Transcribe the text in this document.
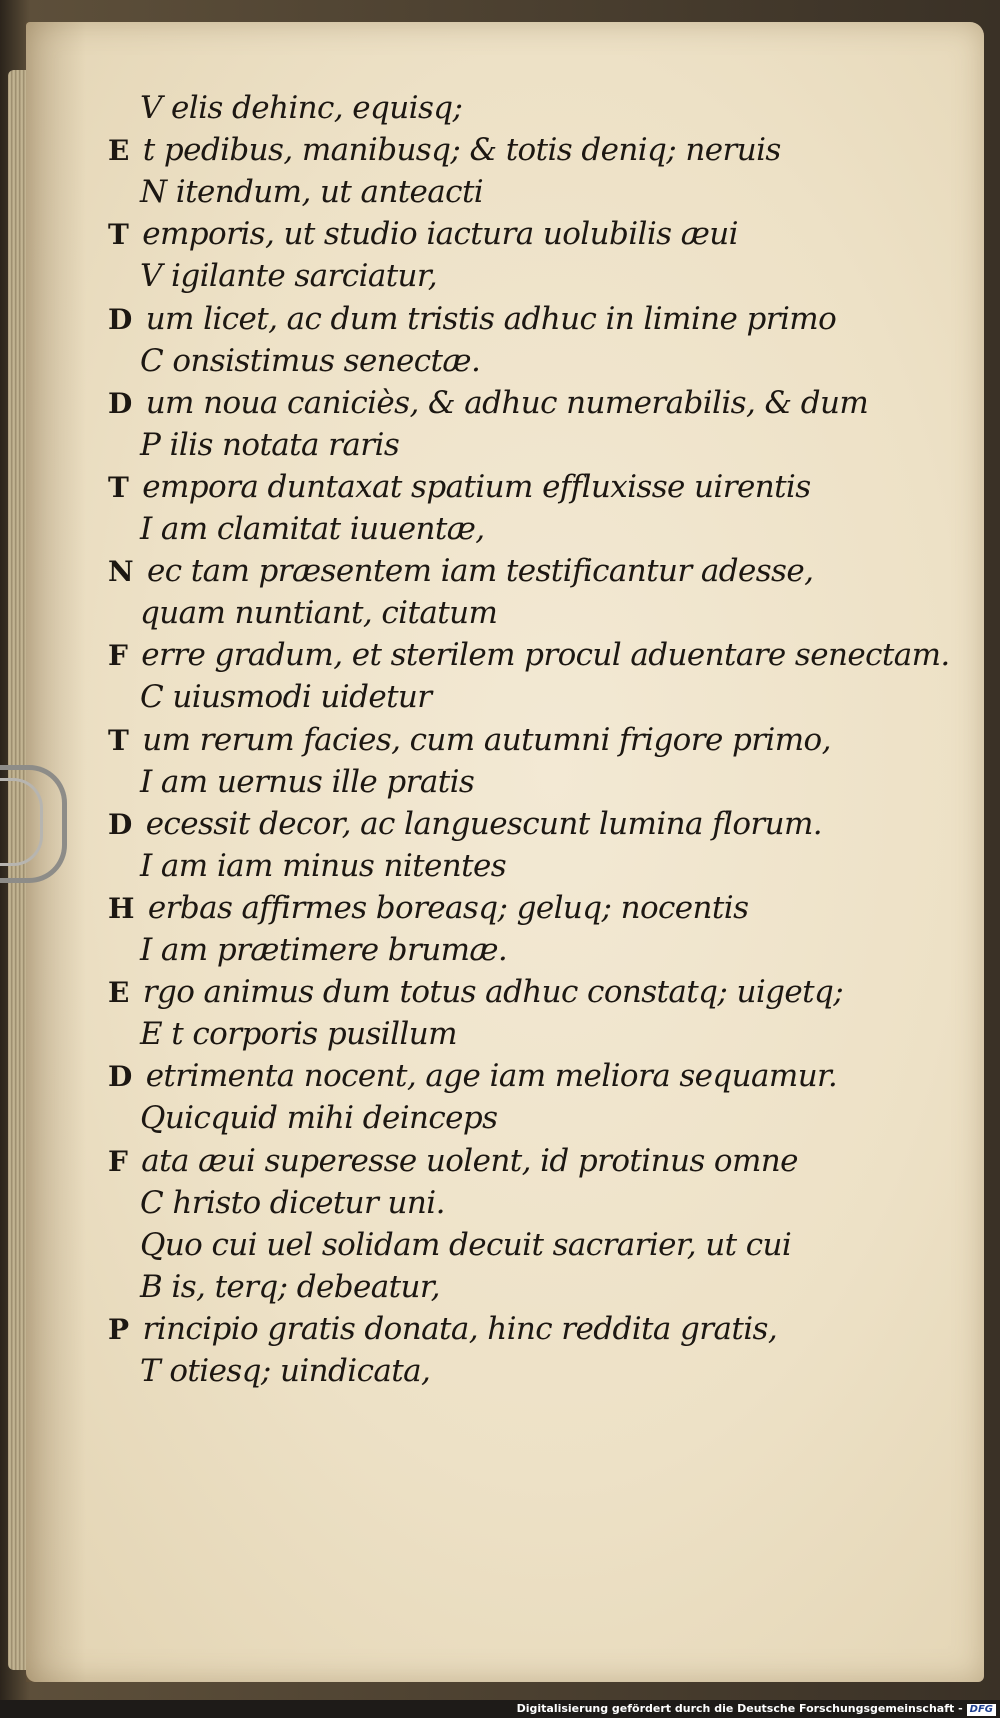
V elis dehinc, equisq;
E t pedibus, manibusq; & totis deniq; neruis
N itendum, ut anteacti
T emporis, ut studio iactura uolubilis æui
V igilante sarciatur,
D um licet, ac dum tristis adhuc in limine primo
C onsistimus senectæ.
D um noua caniciès, & adhuc numerabilis, & dum
P ilis notata raris
T empora duntaxat spatium effluxisse uirentis
I am clamitat iuuentæ,
N ec tam præsentem iam testificantur adesse,
quam nuntiant, citatum
F erre gradum, et sterilem procul aduentare senectam.
C uiusmodi uidetur
T um rerum facies, cum autumni frigore primo,
I am uernus ille pratis
D ecessit decor, ac languescunt lumina florum.
I am iam minus nitentes
H erbas affirmes boreasq; geluq; nocentis
I am prætimere brumæ.
E rgo animus dum totus adhuc constatq; uigetq;
E t corporis pusillum
D etrimenta nocent, age iam meliora sequamur.
Quicquid mihi deinceps
F ata æui superesse uolent, id protinus omne
C hristo dicetur uni.
Quo cui uel solidam decuit sacrarier, ut cui
B is, terq; debeatur,
P rincipio gratis donata, hinc reddita gratis,
T otiesq; uindicata,
Digitalisierung gefördert durch die Deutsche Forschungsgemeinschaft - DFG
